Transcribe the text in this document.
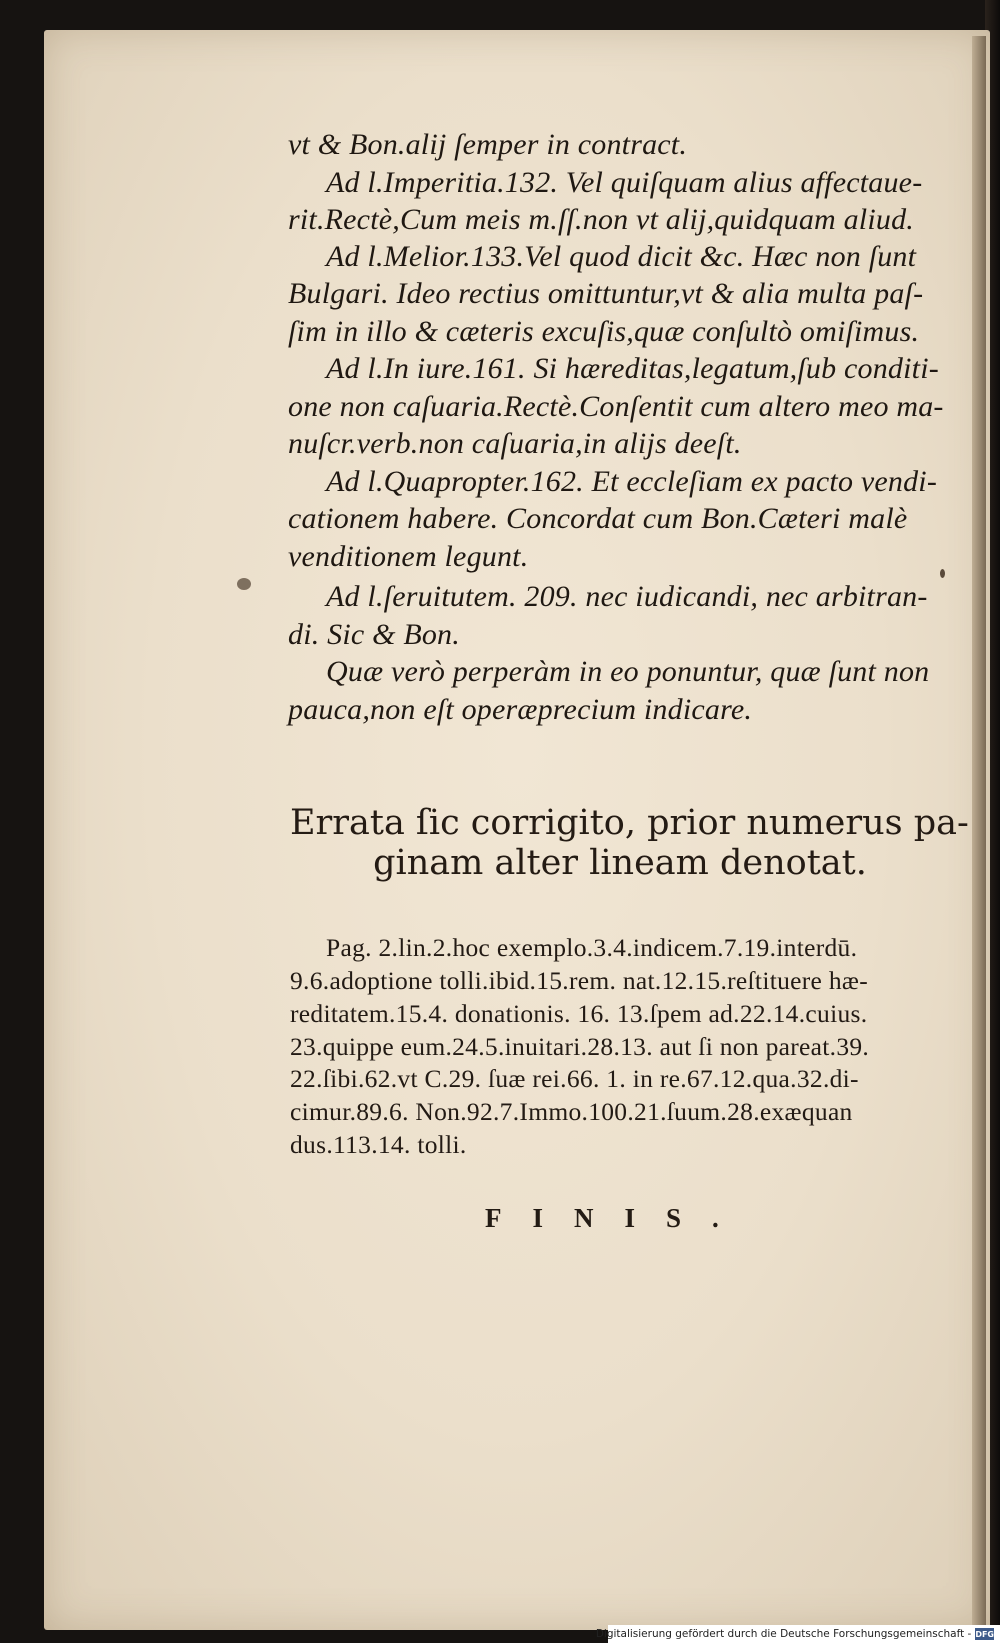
vt & Bon.alij ſemper in contract.
Ad l.Imperitia.132. Vel quiſquam alius affectaue-
rit.Rectè,Cum meis m.ſſ.non vt alij,quidquam aliud.
Ad l.Melior.133.Vel quod dicit &c. Hæc non ſunt
Bulgari. Ideo rectius omittuntur,vt & alia multa paſ-
ſim in illo & cæteris excuſis,quæ conſultò omiſimus.
Ad l.In iure.161. Si hæreditas,legatum,ſub conditi-
one non caſuaria.Rectè.Conſentit cum altero meo ma-
nuſcr.verb.non caſuaria,in alijs deeſt.
Ad l.Quapropter.162. Et eccleſiam ex pacto vendi-
cationem habere. Concordat cum Bon.Cæteri malè
venditionem legunt.
Ad l.ſeruitutem. 209. nec iudicandi, nec arbitran-
di. Sic & Bon.
Quæ verò perperàm in eo ponuntur, quæ ſunt non
pauca,non eſt operæprecium indicare.
Errata ſic corrigito, prior numerus pa-
ginam alter lineam denotat.
Pag. 2.lin.2.hoc exemplo.3.4.indicem.7.19.interdū.
9.6.adoptione tolli.ibid.15.rem. nat.12.15.reſtituere hæ-
reditatem.15.4. donationis. 16. 13.ſpem ad.22.14.cuius.
23.quippe eum.24.5.inuitari.28.13. aut ſi non pareat.39.
22.ſibi.62.vt C.29. ſuæ rei.66. 1. in re.67.12.qua.32.di-
cimur.89.6. Non.92.7.Immo.100.21.ſuum.28.exæquan
dus.113.14. tolli.
FINIS.
Digitalisierung gefördert durch die Deutsche Forschungsgemeinschaft - DFG
